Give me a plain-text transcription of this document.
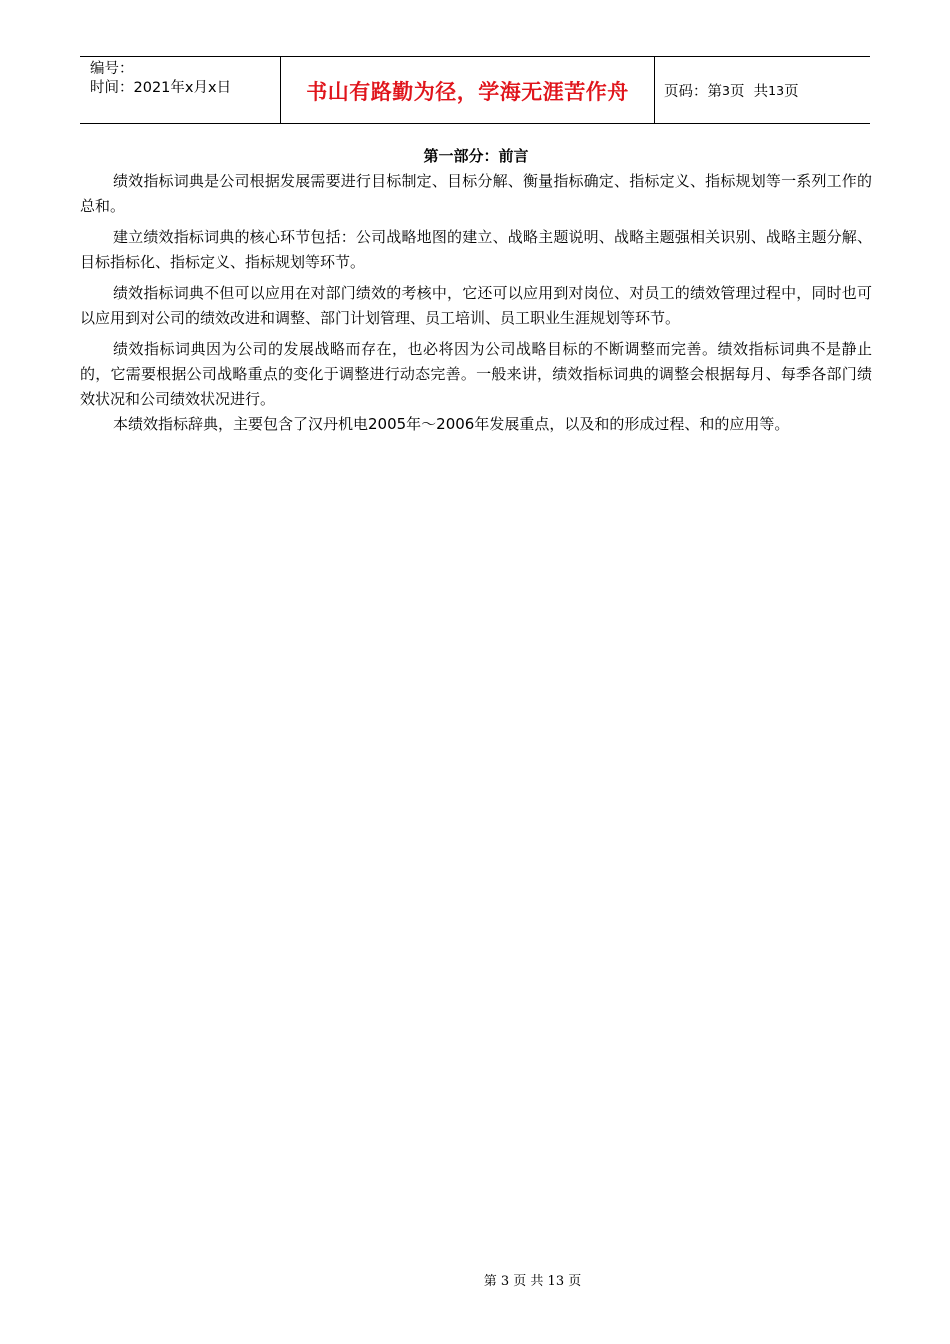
编号：
时间：2021年x月x日	书山有路勤为径，学海无涯苦作舟	页码：第 3 页  共 13 页
第一部分：前言

绩效指标词典是公司根据发展需要进行目标制定、目标分解、衡量指标确定、指标定义、指标规划等一系列工作的总和。

建立绩效指标词典的核心环节包括：公司战略地图的建立、战略主题说明、战略主题强相关识别、战略主题分解、目标指标化、指标定义、指标规划等环节。

绩效指标词典不但可以应用在对部门绩效的考核中，它还可以应用到对岗位、对员工的绩效管理过程中，同时也可以应用到对公司的绩效改进和调整、部门计划管理、员工培训、员工职业生涯规划等环节。

绩效指标词典因为公司的发展战略而存在，也必将因为公司战略目标的不断调整而完善。绩效指标词典不是静止的，它需要根据公司战略重点的变化于调整进行动态完善。一般来讲，绩效指标词典的调整会根据每月、每季各部门绩效状况和公司绩效状况进行。

本绩效指标辞典，主要包含了汉丹机电2005年～2006年发展重点，以及和的形成过程、和的应用等。

第 3 页 共 13 页
